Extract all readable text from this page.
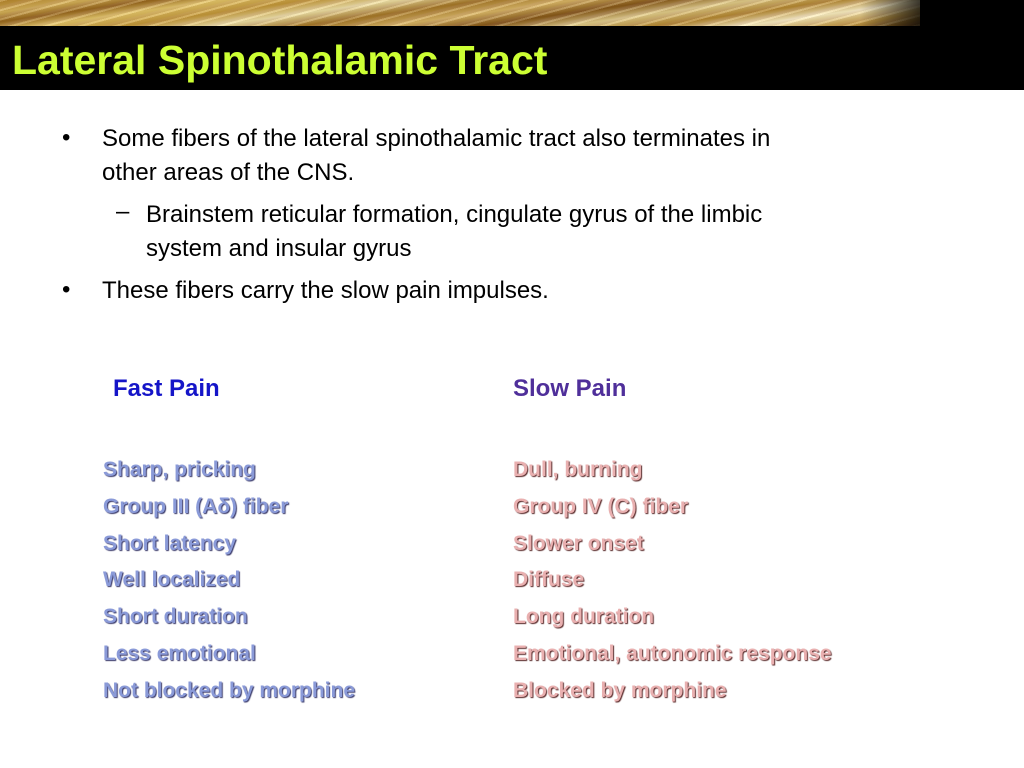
Lateral Spinothalamic Tract
• Some fibers of the lateral spinothalamic tract also terminates in
other areas of the CNS.
– Brainstem reticular formation, cingulate gyrus of the limbic
system and insular gyrus
• These fibers carry the slow pain impulses.
Fast Pain	Slow Pain
Sharp, pricking
Group III (Aδ) fiber
Short latency
Well localized
Short duration
Less emotional
Not blocked by morphine
Dull, burning
Group IV (C) fiber
Slower onset
Diffuse
Long duration
Emotional, autonomic response
Blocked by morphine
